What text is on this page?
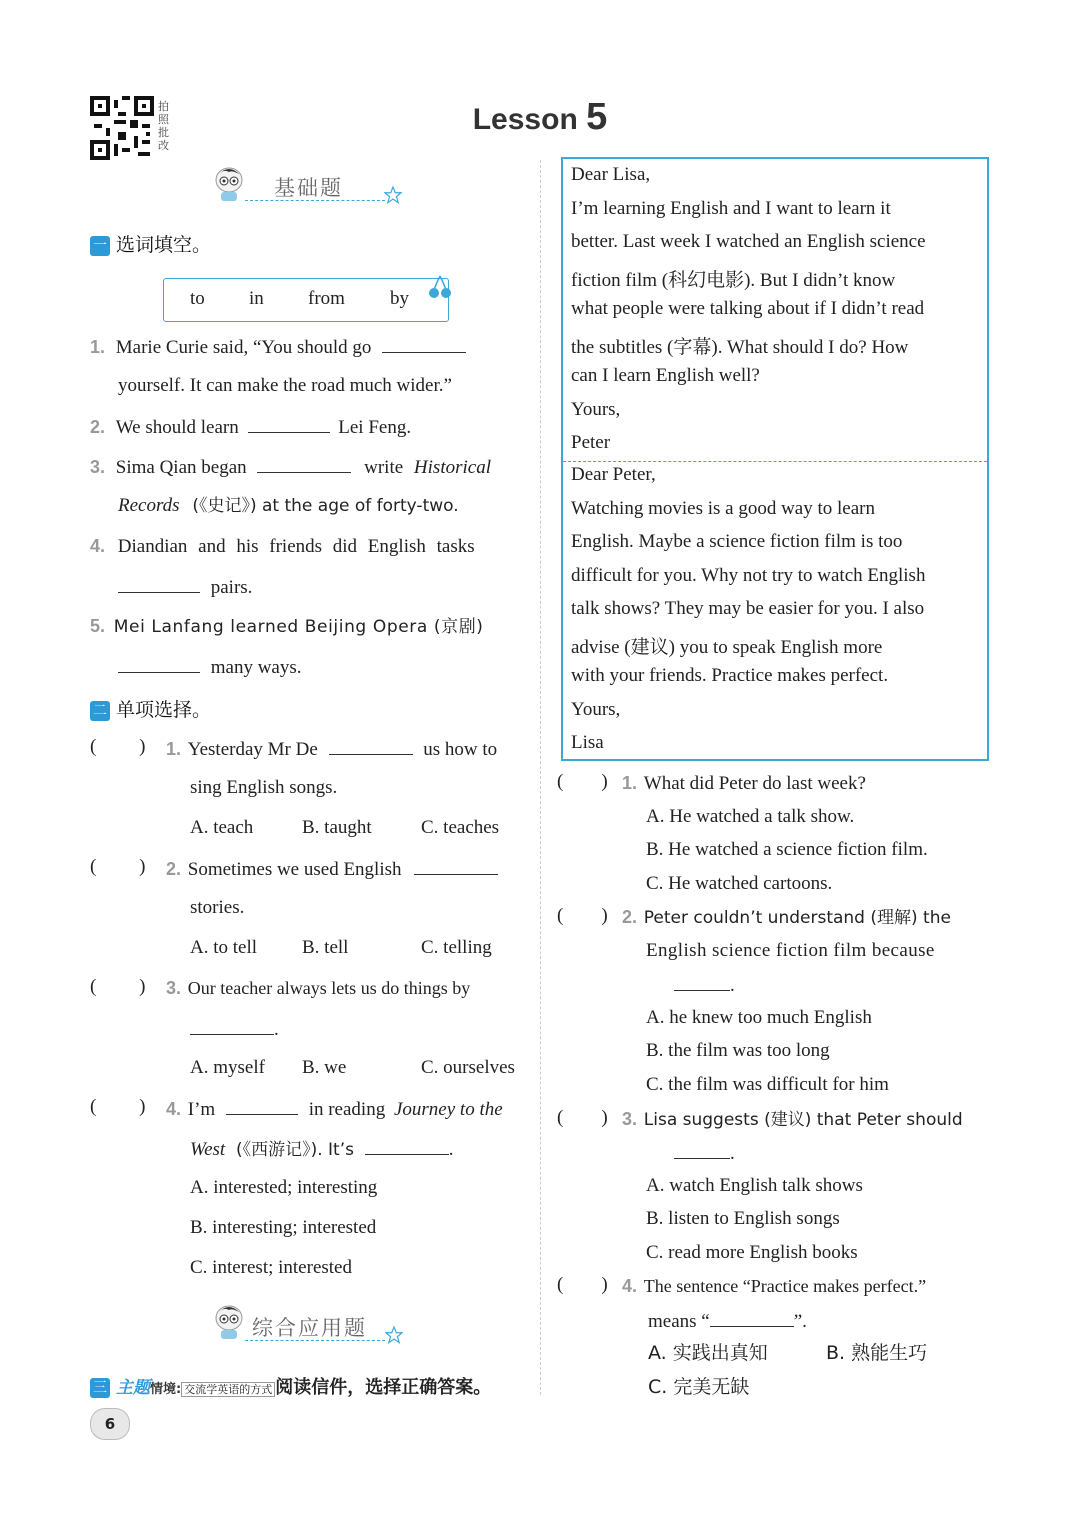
拍照批改
Lesson 5
基础题
一 选词填空。
to in from by
1. Marie Curie said, “You should go
yourself. It can make the road much wider.”
2. We should learn	Lei Feng.
3. Sima Qian began	write Historical
Records (《史记》) at the age of forty-two.
4. Diandian and his friends did English tasks
pairs.
5. Mei Lanfang learned Beijing Opera (京剧)
many ways.
二 单项选择。
(         ) 1. Yesterday Mr De	us how to
sing English songs.
A. teach	B. taught	C. teaches
(         ) 2. Sometimes we used English
stories.
A. to tell B. tell	C. telling
(         ) 3. Our teacher always lets us do things by
.
A. myself B. we	C. ourselves
(         ) 4. I’m	in reading Journey to the
West (《西游记》). It’s	.
A. interested; interesting
B. interesting; interested
C. interest; interested
综合应用题
三 主题情境: 交流学英语的方式 阅读信件，选择正确答案。
Dear Lisa,
I’m learning English and I want to learn it
better. Last week I watched an English science
fiction film (科幻电影). But I didn’t know
what people were talking about if I didn’t read
the subtitles (字幕). What should I do? How
can I learn English well?
Yours,
Peter
Dear Peter,
Watching movies is a good way to learn
English. Maybe a science fiction film is too
difficult for you. Why not try to watch English
talk shows? They may be easier for you. I also
advise (建议) you to speak English more
with your friends. Practice makes perfect.
Yours,
Lisa
(        ) 1. What did Peter do last week?
A. He watched a talk show.
B. He watched a science fiction film.
C. He watched cartoons.
(        ) 2. Peter couldn’t understand (理解) the
English science fiction film because
.
A. he knew too much English
B. the film was too long
C. the film was difficult for him
(        ) 3. Lisa suggests (建议) that Peter should
.
A. watch English talk shows
B. listen to English songs
C. read more English books
(        ) 4. The sentence “Practice makes perfect.”
means “	”.
A. 实践出真知	B. 熟能生巧
C. 完美无缺
6
